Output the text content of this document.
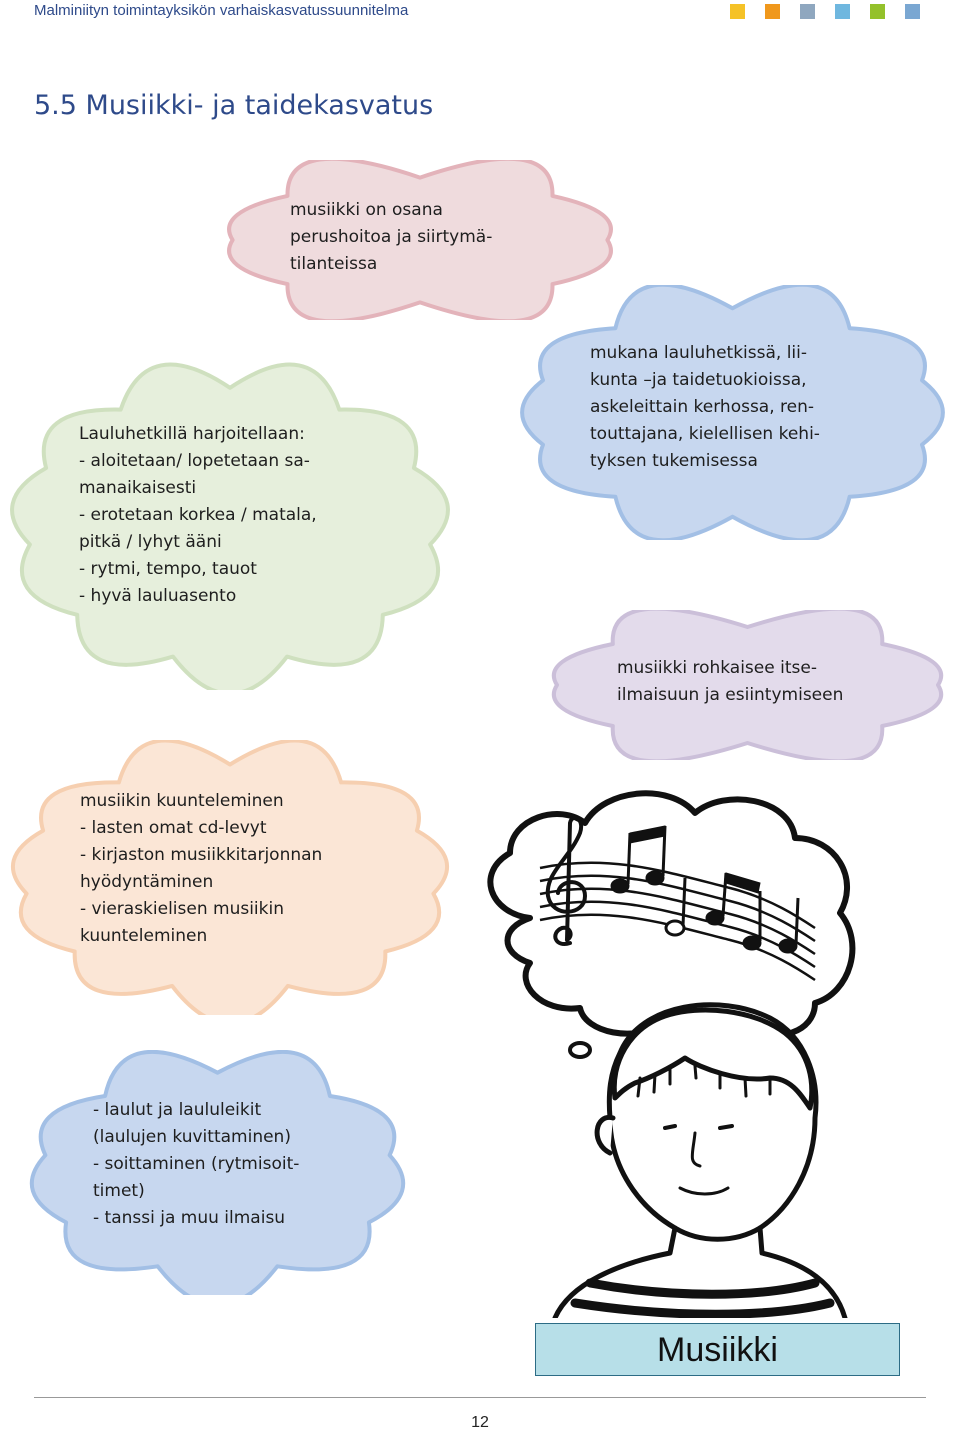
Malminiityn toimintayksikön varhaiskasvatussuunnitelma
5.5 Musiikki- ja taidekasvatus
musiikki on osana
perushoitoa ja siirtymä-
tilanteissa
Lauluhetkillä harjoitellaan:
- aloitetaan/ lopetetaan sa-
manaikaisesti
- erotetaan korkea / matala,
pitkä / lyhyt ääni
- rytmi, tempo, tauot
- hyvä lauluasento
mukana lauluhetkissä, lii-
kunta –ja taidetuokioissa,
askeleittain kerhossa, ren-
touttajana, kielellisen kehi-
tyksen tukemisessa
musiikki rohkaisee itse-
ilmaisuun ja esiintymiseen
musiikin kuunteleminen
- lasten omat cd-levyt
- kirjaston musiikkitarjonnan
hyödyntäminen
- vieraskielisen musiikin
kuunteleminen
- laulut ja laululeikit
(laulujen kuvittaminen)
- soittaminen (rytmisoit-
timet)
- tanssi ja muu ilmaisu
Musiikki
12
